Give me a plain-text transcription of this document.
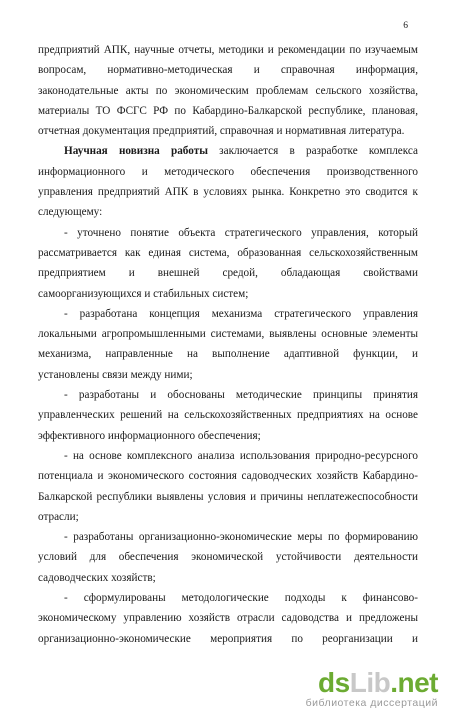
6

предприятий АПК, научные отчеты, методики и рекомендации по изучаемым

вопросам, нормативно-методическая и справочная информация,

законодательные акты по экономическим проблемам сельского хозяйства,

материалы ТО ФСГС РФ по Кабардино-Балкарской республике, плановая,

отчетная документация предприятий, справочная и нормативная литература.

Научная новизна работы заключается в разработке комплекса

информационного и методического обеспечения производственного

управления предприятий АПК в условиях рынка. Конкретно это сводится к

следующему:

- уточнено понятие объекта стратегического управления, который

рассматривается как единая система, образованная сельскохозяйственным

предприятием и внешней средой, обладающая свойствами

самоорганизующихся и стабильных систем;

- разработана концепция механизма стратегического управления

локальными агропромышленными системами, выявлены основные элементы

механизма, направленные на выполнение адаптивной функции, и

установлены связи между ними;

- разработаны и обоснованы методические принципы принятия

управленческих решений на сельскохозяйственных предприятиях на основе

эффективного информационного обеспечения;

- на основе комплексного анализа использования природно-ресурсного

потенциала и экономического состояния садоводческих хозяйств Кабардино-

Балкарской республики выявлены условия и причины неплатежеспособности

отрасли;

- разработаны организационно-экономические меры по формированию

условий для обеспечения экономической устойчивости деятельности

садоводческих хозяйств;

- сформулированы методологические подходы к финансово-

экономическому управлению хозяйств отрасли садоводства и предложены

организационно-экономические мероприятия по реорганизации и

dsLib.net
библиотека диссертаций
